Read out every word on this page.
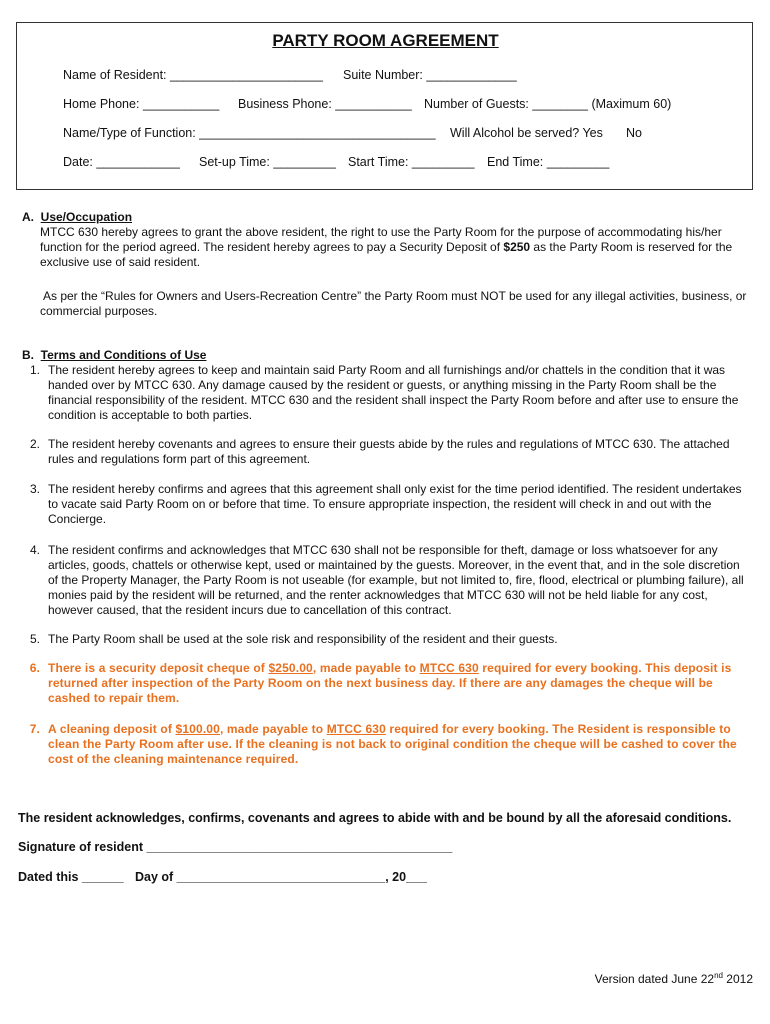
PARTY ROOM AGREEMENT
Name of Resident: ______________________ Suite Number: _____________
Home Phone: ___________ Business Phone: ___________ Number of Guests: ________ (Maximum 60)
Name/Type of Function: __________________________________ Will Alcohol be served? Yes No
Date: ____________ Set-up Time: _________ Start Time: _________ End Time: _________
A. Use/Occupation
MTCC 630 hereby agrees to grant the above resident, the right to use the Party Room for the purpose of accommodating his/her function for the period agreed. The resident hereby agrees to pay a Security Deposit of $250 as the Party Room is reserved for the exclusive use of said resident.
As per the “Rules for Owners and Users-Recreation Centre” the Party Room must NOT be used for any illegal activities, business, or commercial purposes.
B. Terms and Conditions of Use
1. The resident hereby agrees to keep and maintain said Party Room and all furnishings and/or chattels in the condition that it was handed over by MTCC 630. Any damage caused by the resident or guests, or anything missing in the Party Room shall be the financial responsibility of the resident. MTCC 630 and the resident shall inspect the Party Room before and after use to ensure the condition is acceptable to both parties.
2. The resident hereby covenants and agrees to ensure their guests abide by the rules and regulations of MTCC 630. The attached rules and regulations form part of this agreement.
3. The resident hereby confirms and agrees that this agreement shall only exist for the time period identified. The resident undertakes to vacate said Party Room on or before that time. To ensure appropriate inspection, the resident will check in and out with the Concierge.
4. The resident confirms and acknowledges that MTCC 630 shall not be responsible for theft, damage or loss whatsoever for any articles, goods, chattels or otherwise kept, used or maintained by the guests. Moreover, in the event that, and in the sole discretion of the Property Manager, the Party Room is not useable (for example, but not limited to, fire, flood, electrical or plumbing failure), all monies paid by the resident will be returned, and the renter acknowledges that MTCC 630 will not be held liable for any cost, however caused, that the resident incurs due to cancellation of this contract.
5. The Party Room shall be used at the sole risk and responsibility of the resident and their guests.
6. There is a security deposit cheque of $250.00, made payable to MTCC 630 required for every booking. This deposit is returned after inspection of the Party Room on the next business day. If there are any damages the cheque will be cashed to repair them.
7. A cleaning deposit of $100.00, made payable to MTCC 630 required for every booking. The Resident is responsible to clean the Party Room after use. If the cleaning is not back to original condition the cheque will be cashed to cover the cost of the cleaning maintenance required.
The resident acknowledges, confirms, covenants and agrees to abide with and be bound by all the aforesaid conditions.
Signature of resident ____________________________________________
Dated this ______ Day of ______________________________, 20___
Version dated June 22nd 2012
